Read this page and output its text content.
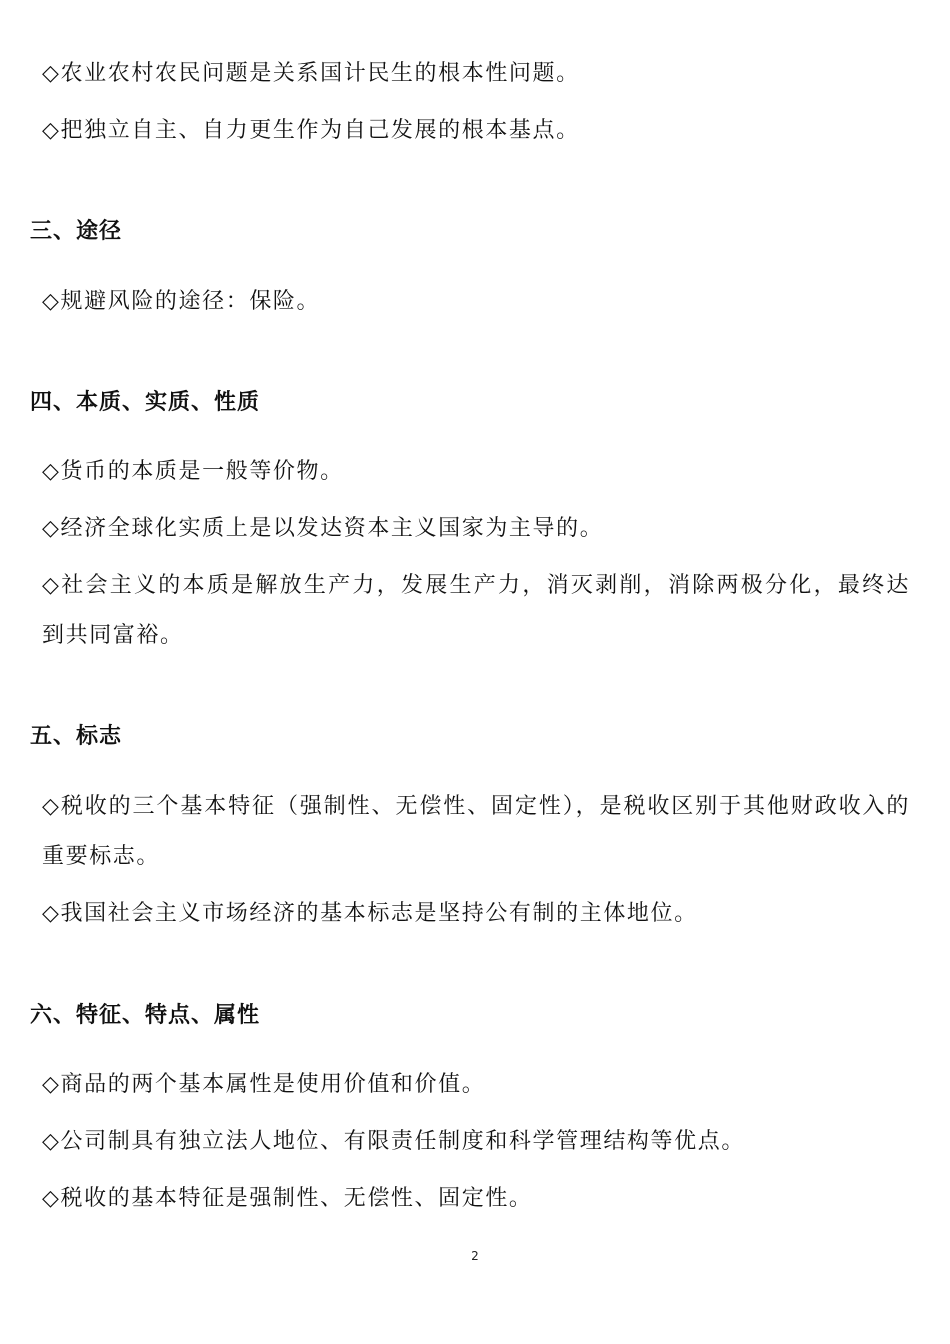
◇农业农村农民问题是关系国计民生的根本性问题。

◇把独立自主、自力更生作为自己发展的根本基点。

三、途径

◇规避风险的途径：保险。

四、本质、实质、性质

◇货币的本质是一般等价物。

◇经济全球化实质上是以发达资本主义国家为主导的。

◇社会主义的本质是解放生产力，发展生产力，消灭剥削，消除两极分化，最终达到共同富裕。

五、标志

◇税收的三个基本特征（强制性、无偿性、固定性），是税收区别于其他财政收入的重要标志。

◇我国社会主义市场经济的基本标志是坚持公有制的主体地位。

六、特征、特点、属性

◇商品的两个基本属性是使用价值和价值。

◇公司制具有独立法人地位、有限责任制度和科学管理结构等优点。

◇税收的基本特征是强制性、无偿性、固定性。

2
